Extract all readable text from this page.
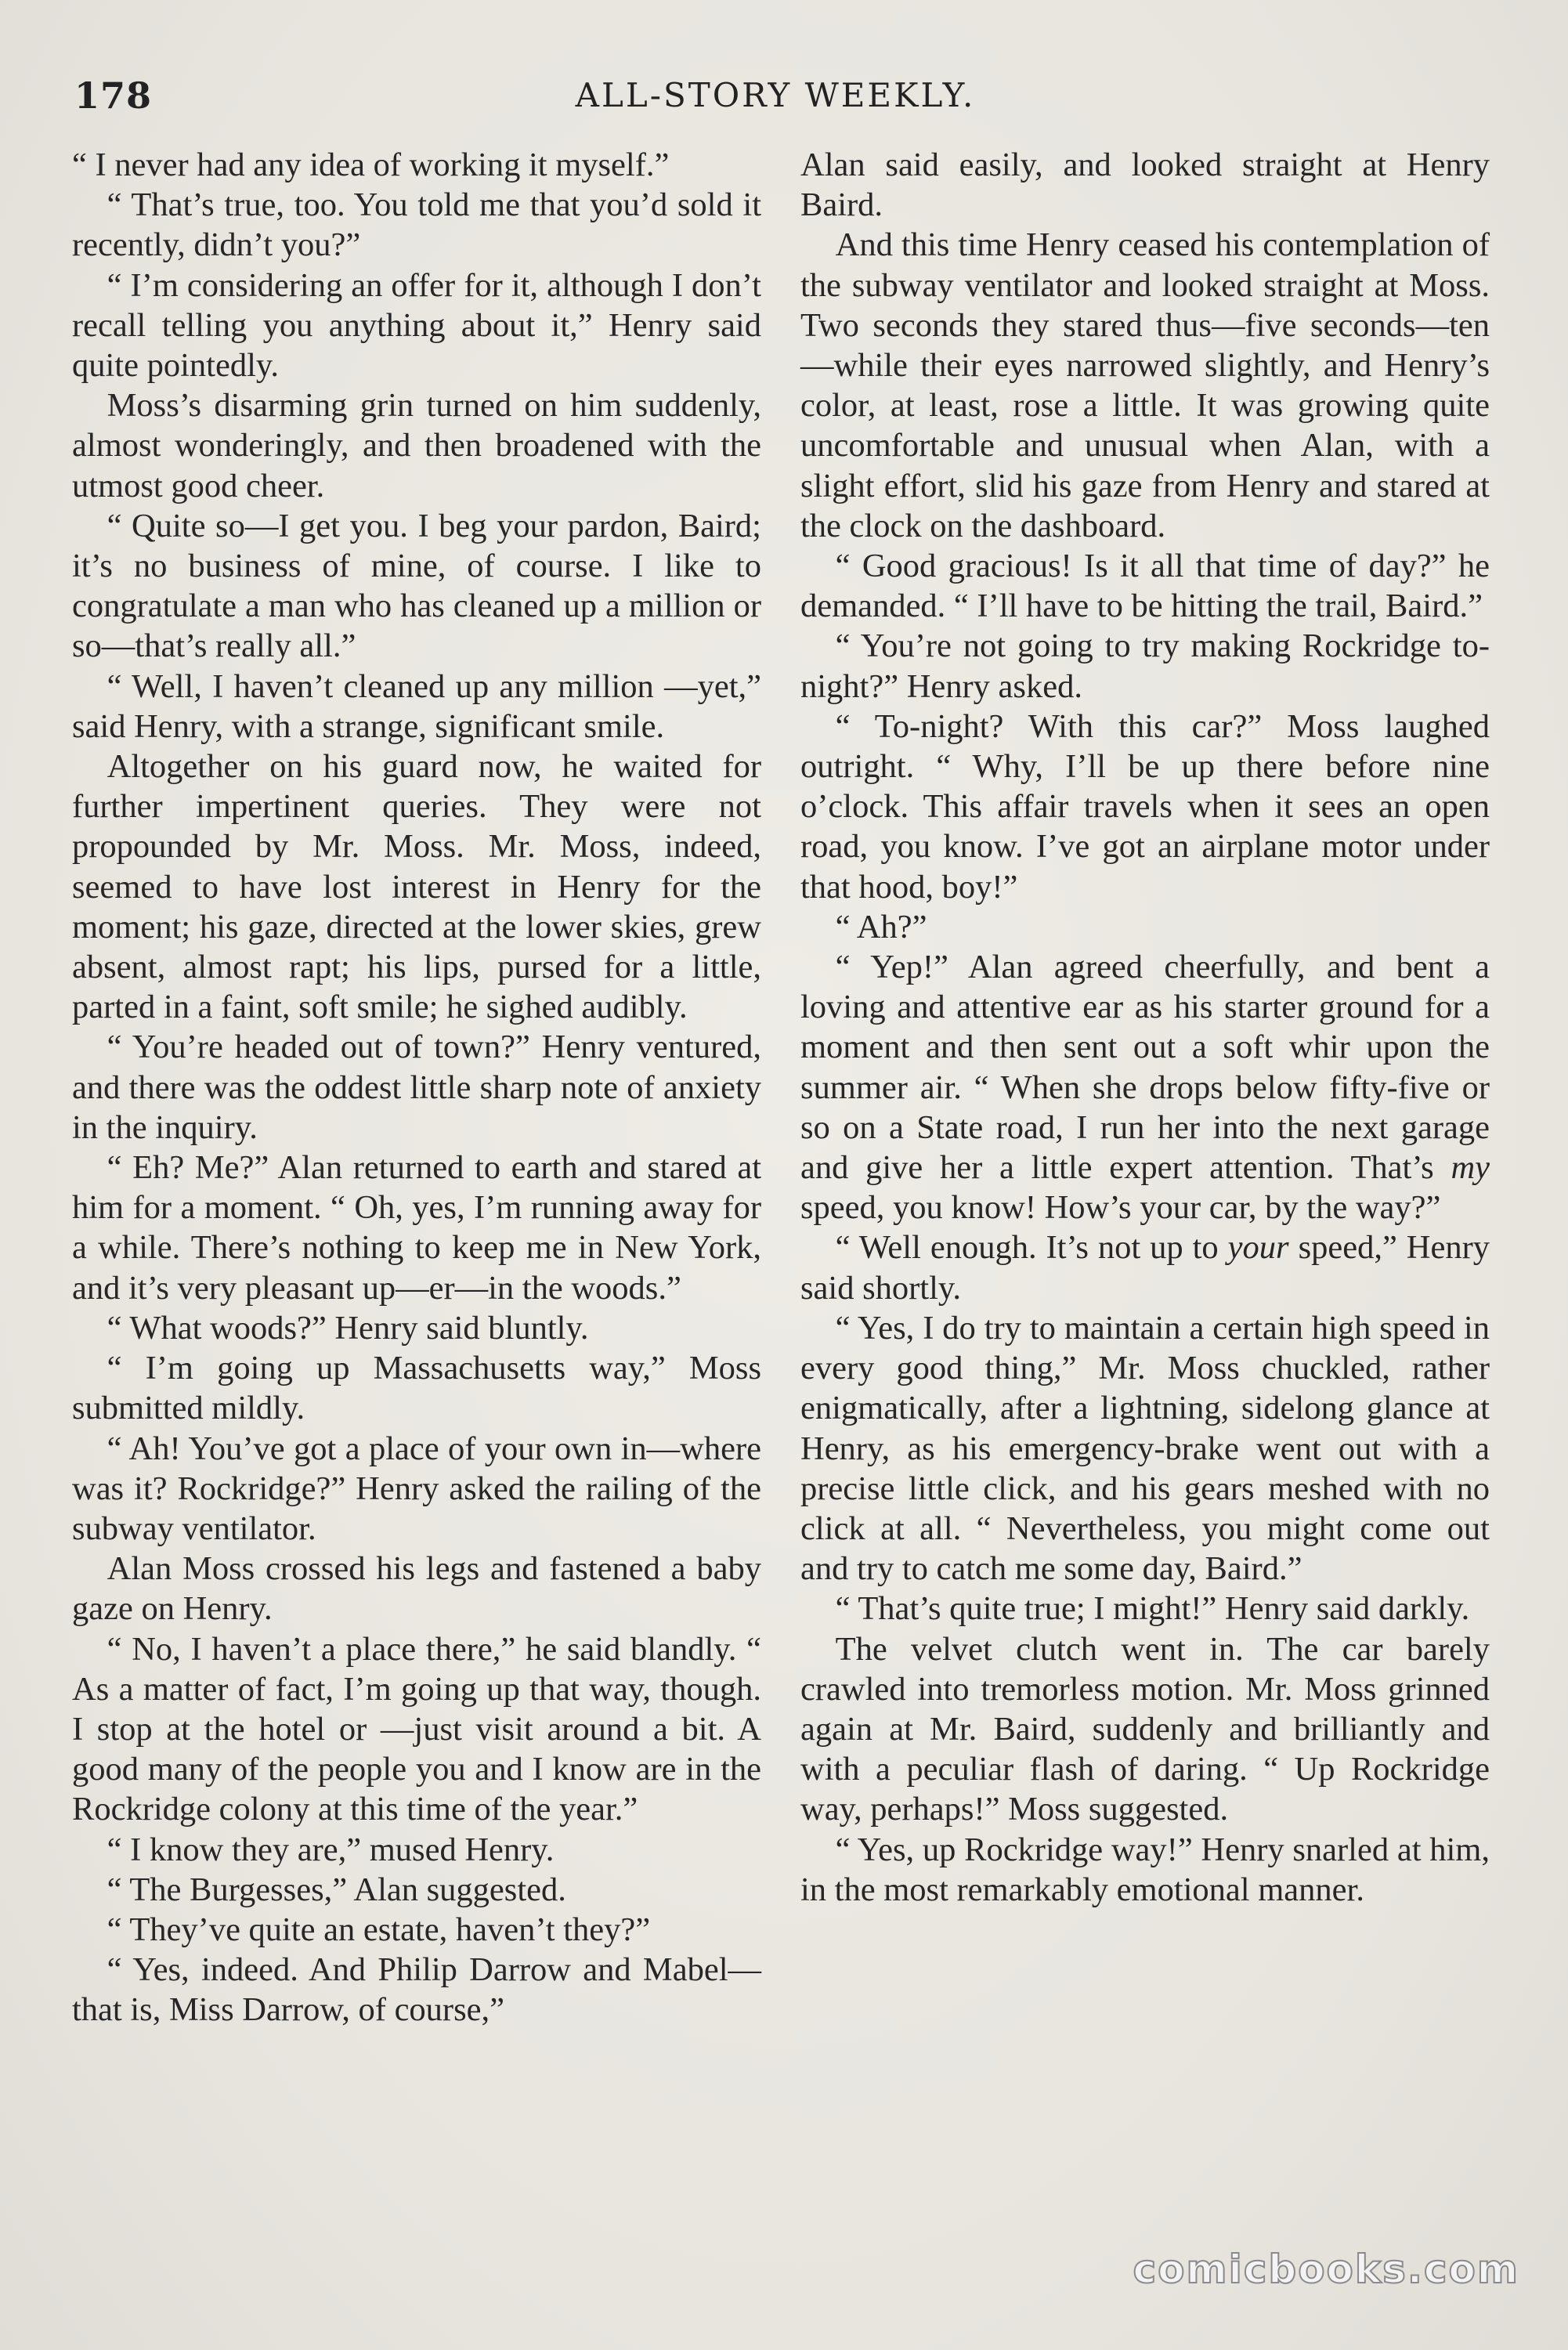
178	ALL-STORY WEEKLY.

“ I never had any idea of working it myself.”

“ That’s true, too. You told me that you’d sold it recently, didn’t you?”

“ I’m considering an offer for it, although I don’t recall telling you anything about it,” Henry said quite pointedly.

Moss’s disarming grin turned on him suddenly, almost wonderingly, and then broadened with the utmost good cheer.

“ Quite so—I get you. I beg your pardon, Baird; it’s no business of mine, of course. I like to congratulate a man who has cleaned up a million or so—that’s really all.”

“ Well, I haven’t cleaned up any million —yet,” said Henry, with a strange, significant smile.

Altogether on his guard now, he waited for further impertinent queries. They were not propounded by Mr. Moss. Mr. Moss, indeed, seemed to have lost interest in Henry for the moment; his gaze, directed at the lower skies, grew absent, almost rapt; his lips, pursed for a little, parted in a faint, soft smile; he sighed audibly.

“ You’re headed out of town?” Henry ventured, and there was the oddest little sharp note of anxiety in the inquiry.

“ Eh? Me?” Alan returned to earth and stared at him for a moment. “ Oh, yes, I’m running away for a while. There’s nothing to keep me in New York, and it’s very pleasant up—er—in the woods.”

“ What woods?” Henry said bluntly.

“ I’m going up Massachusetts way,” Moss submitted mildly.

“ Ah! You’ve got a place of your own in—where was it? Rockridge?” Henry asked the railing of the subway ventilator.

Alan Moss crossed his legs and fastened a baby gaze on Henry.

“ No, I haven’t a place there,” he said blandly. “ As a matter of fact, I’m going up that way, though. I stop at the hotel or —just visit around a bit. A good many of the people you and I know are in the Rockridge colony at this time of the year.”

“ I know they are,” mused Henry.

“ The Burgesses,” Alan suggested.

“ They’ve quite an estate, haven’t they?”

“ Yes, indeed. And Philip Darrow and Mabel—that is, Miss Darrow, of course,”

Alan said easily, and looked straight at Henry Baird.

And this time Henry ceased his contemplation of the subway ventilator and looked straight at Moss. Two seconds they stared thus—five seconds—ten—while their eyes narrowed slightly, and Henry’s color, at least, rose a little. It was growing quite uncomfortable and unusual when Alan, with a slight effort, slid his gaze from Henry and stared at the clock on the dashboard.

“ Good gracious! Is it all that time of day?” he demanded. “ I’ll have to be hitting the trail, Baird.”

“ You’re not going to try making Rockridge to-night?” Henry asked.

“ To-night? With this car?” Moss laughed outright. “ Why, I’ll be up there before nine o’clock. This affair travels when it sees an open road, you know. I’ve got an airplane motor under that hood, boy!”

“ Ah?”

“ Yep!” Alan agreed cheerfully, and bent a loving and attentive ear as his starter ground for a moment and then sent out a soft whir upon the summer air. “ When she drops below fifty-five or so on a State road, I run her into the next garage and give her a little expert attention. That’s my speed, you know! How’s your car, by the way?”

“ Well enough. It’s not up to your speed,” Henry said shortly.

“ Yes, I do try to maintain a certain high speed in every good thing,” Mr. Moss chuckled, rather enigmatically, after a lightning, sidelong glance at Henry, as his emergency-brake went out with a precise little click, and his gears meshed with no click at all. “ Nevertheless, you might come out and try to catch me some day, Baird.”

“ That’s quite true; I might!” Henry said darkly.

The velvet clutch went in. The car barely crawled into tremorless motion. Mr. Moss grinned again at Mr. Baird, suddenly and brilliantly and with a peculiar flash of daring. “ Up Rockridge way, perhaps!” Moss suggested.

“ Yes, up Rockridge way!” Henry snarled at him, in the most remarkably emotional manner.

comicbooks.com
